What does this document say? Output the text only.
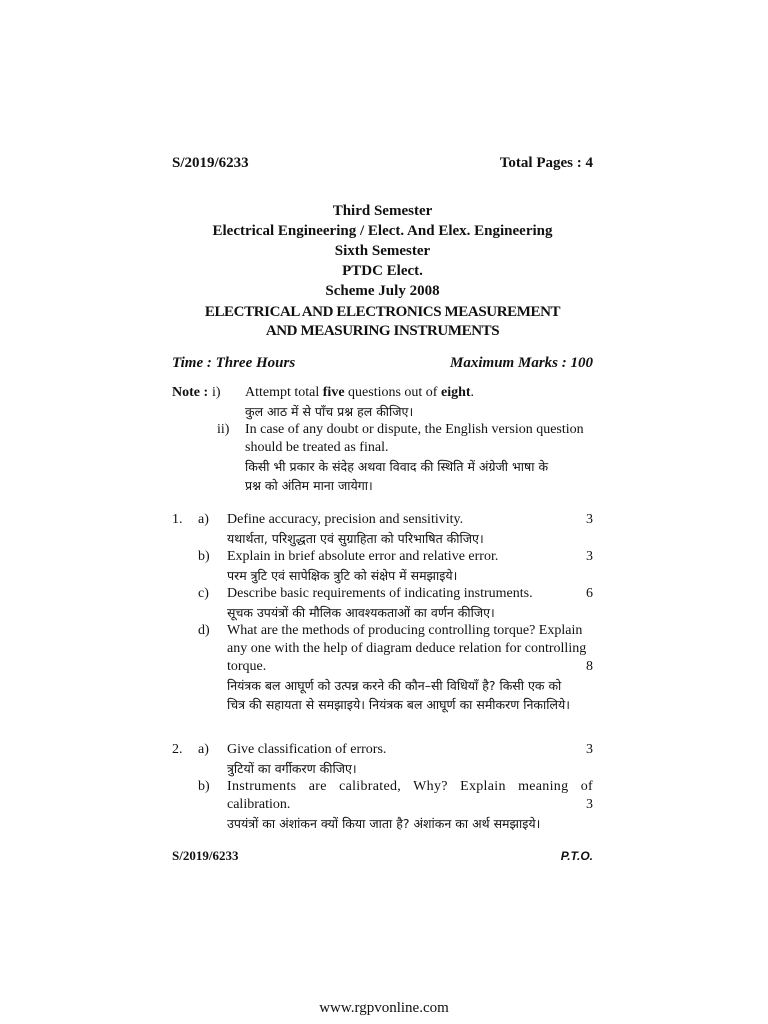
S/2019/6233	Total Pages : 4
Third Semester
Electrical Engineering / Elect. And Elex. Engineering
Sixth Semester
PTDC Elect.
Scheme July 2008
ELECTRICAL AND ELECTRONICS MEASUREMENT
AND MEASURING INSTRUMENTS
Time : Three Hours	Maximum Marks : 100
Note : i)	Attempt total five questions out of eight.
कुल आठ में से पाँच प्रश्न हल कीजिए।
ii)	In case of any doubt or dispute, the English version question
should be treated as final.
किसी भी प्रकार के संदेह अथवा विवाद की स्थिति में अंग्रेजी भाषा के
प्रश्न को अंतिम माना जायेगा।
1.	a)	Define accuracy, precision and sensitivity.	3
यथार्थता, परिशुद्धता एवं सुग्राहिता को परिभाषित कीजिए।
b)	Explain in brief absolute error and relative error.	3
परम त्रुटि एवं सापेक्षिक त्रुटि को संक्षेप में समझाइये।
c)	Describe basic requirements of indicating instruments.	6
सूचक उपयंत्रों की मौलिक आवश्यकताओं का वर्णन कीजिए।
d)	What are the methods of producing controlling torque? Explain
any one with the help of diagram deduce relation for controlling
torque.	8
नियंत्रक बल आघूर्ण को उत्पन्न करने की कौन–सी विधियाँ है? किसी एक को
चित्र की सहायता से समझाइये। नियंत्रक बल आघूर्ण का समीकरण निकालिये।
2.	a)	Give classification of errors.	3
त्रुटियों का वर्गीकरण कीजिए।
b)	Instruments are calibrated, Why? Explain meaning of
calibration.	3
उपयंत्रों का अंशांकन क्यों किया जाता है? अंशांकन का अर्थ समझाइये।
S/2019/6233	P.T.O.
www.rgpvonline.com
